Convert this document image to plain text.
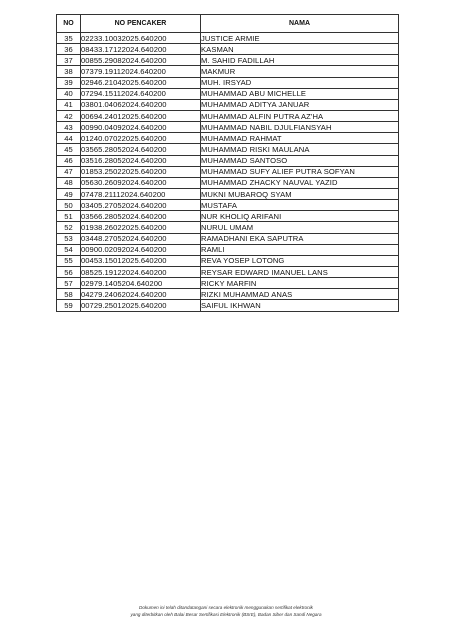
NO	NO PENCAKER	NAMA
35	02233.10032025.640200	JUSTICE ARMIE
36	08433.17122024.640200	KASMAN
37	00855.29082024.640200	M. SAHID FADILLAH
38	07379.19112024.640200	MAKMUR
39	02946.21042025.640200	MUH. IRSYAD
40	07294.15112024.640200	MUHAMMAD ABU MICHELLE
41	03801.04062024.640200	MUHAMMAD ADITYA JANUAR
42	00694.24012025.640200	MUHAMMAD ALFIN PUTRA AZ'HA
43	00990.04092024.640200	MUHAMMAD NABIL DJULFIANSYAH
44	01240.07022025.640200	MUHAMMAD RAHMAT
45	03565.28052024.640200	MUHAMMAD RISKI MAULANA
46	03516.28052024.640200	MUHAMMAD SANTOSO
47	01853.25022025.640200	MUHAMMAD SUFY ALIEF PUTRA SOFYAN
48	05630.26092024.640200	MUHAMMAD ZHACKY NAUVAL YAZID
49	07478.21112024.640200	MUKNI MUBAROQ SYAM
50	03405.27052024.640200	MUSTAFA
51	03566.28052024.640200	NUR KHOLIQ ARIFANI
52	01938.26022025.640200	NURUL UMAM
53	03448.27052024.640200	RAMADHANI EKA SAPUTRA
54	00900.02092024.640200	RAMLI
55	00453.15012025.640200	REVA YOSEP LOTONG
56	08525.19122024.640200	REYSAR EDWARD IMANUEL LANS
57	02979.1405204.640200	RICKY MARFIN
58	04279.24062024.640200	RIZKI MUHAMMAD ANAS
59	00729.25012025.640200	SAIFUL IKHWAN
Dokumen ini telah ditandatangani secara elektronik menggunakan sertifikat elektronik
yang diterbitkan oleh Balai Besar Sertifikasi Elektronik (BSrE), Badan Siber dan Sandi Negara
